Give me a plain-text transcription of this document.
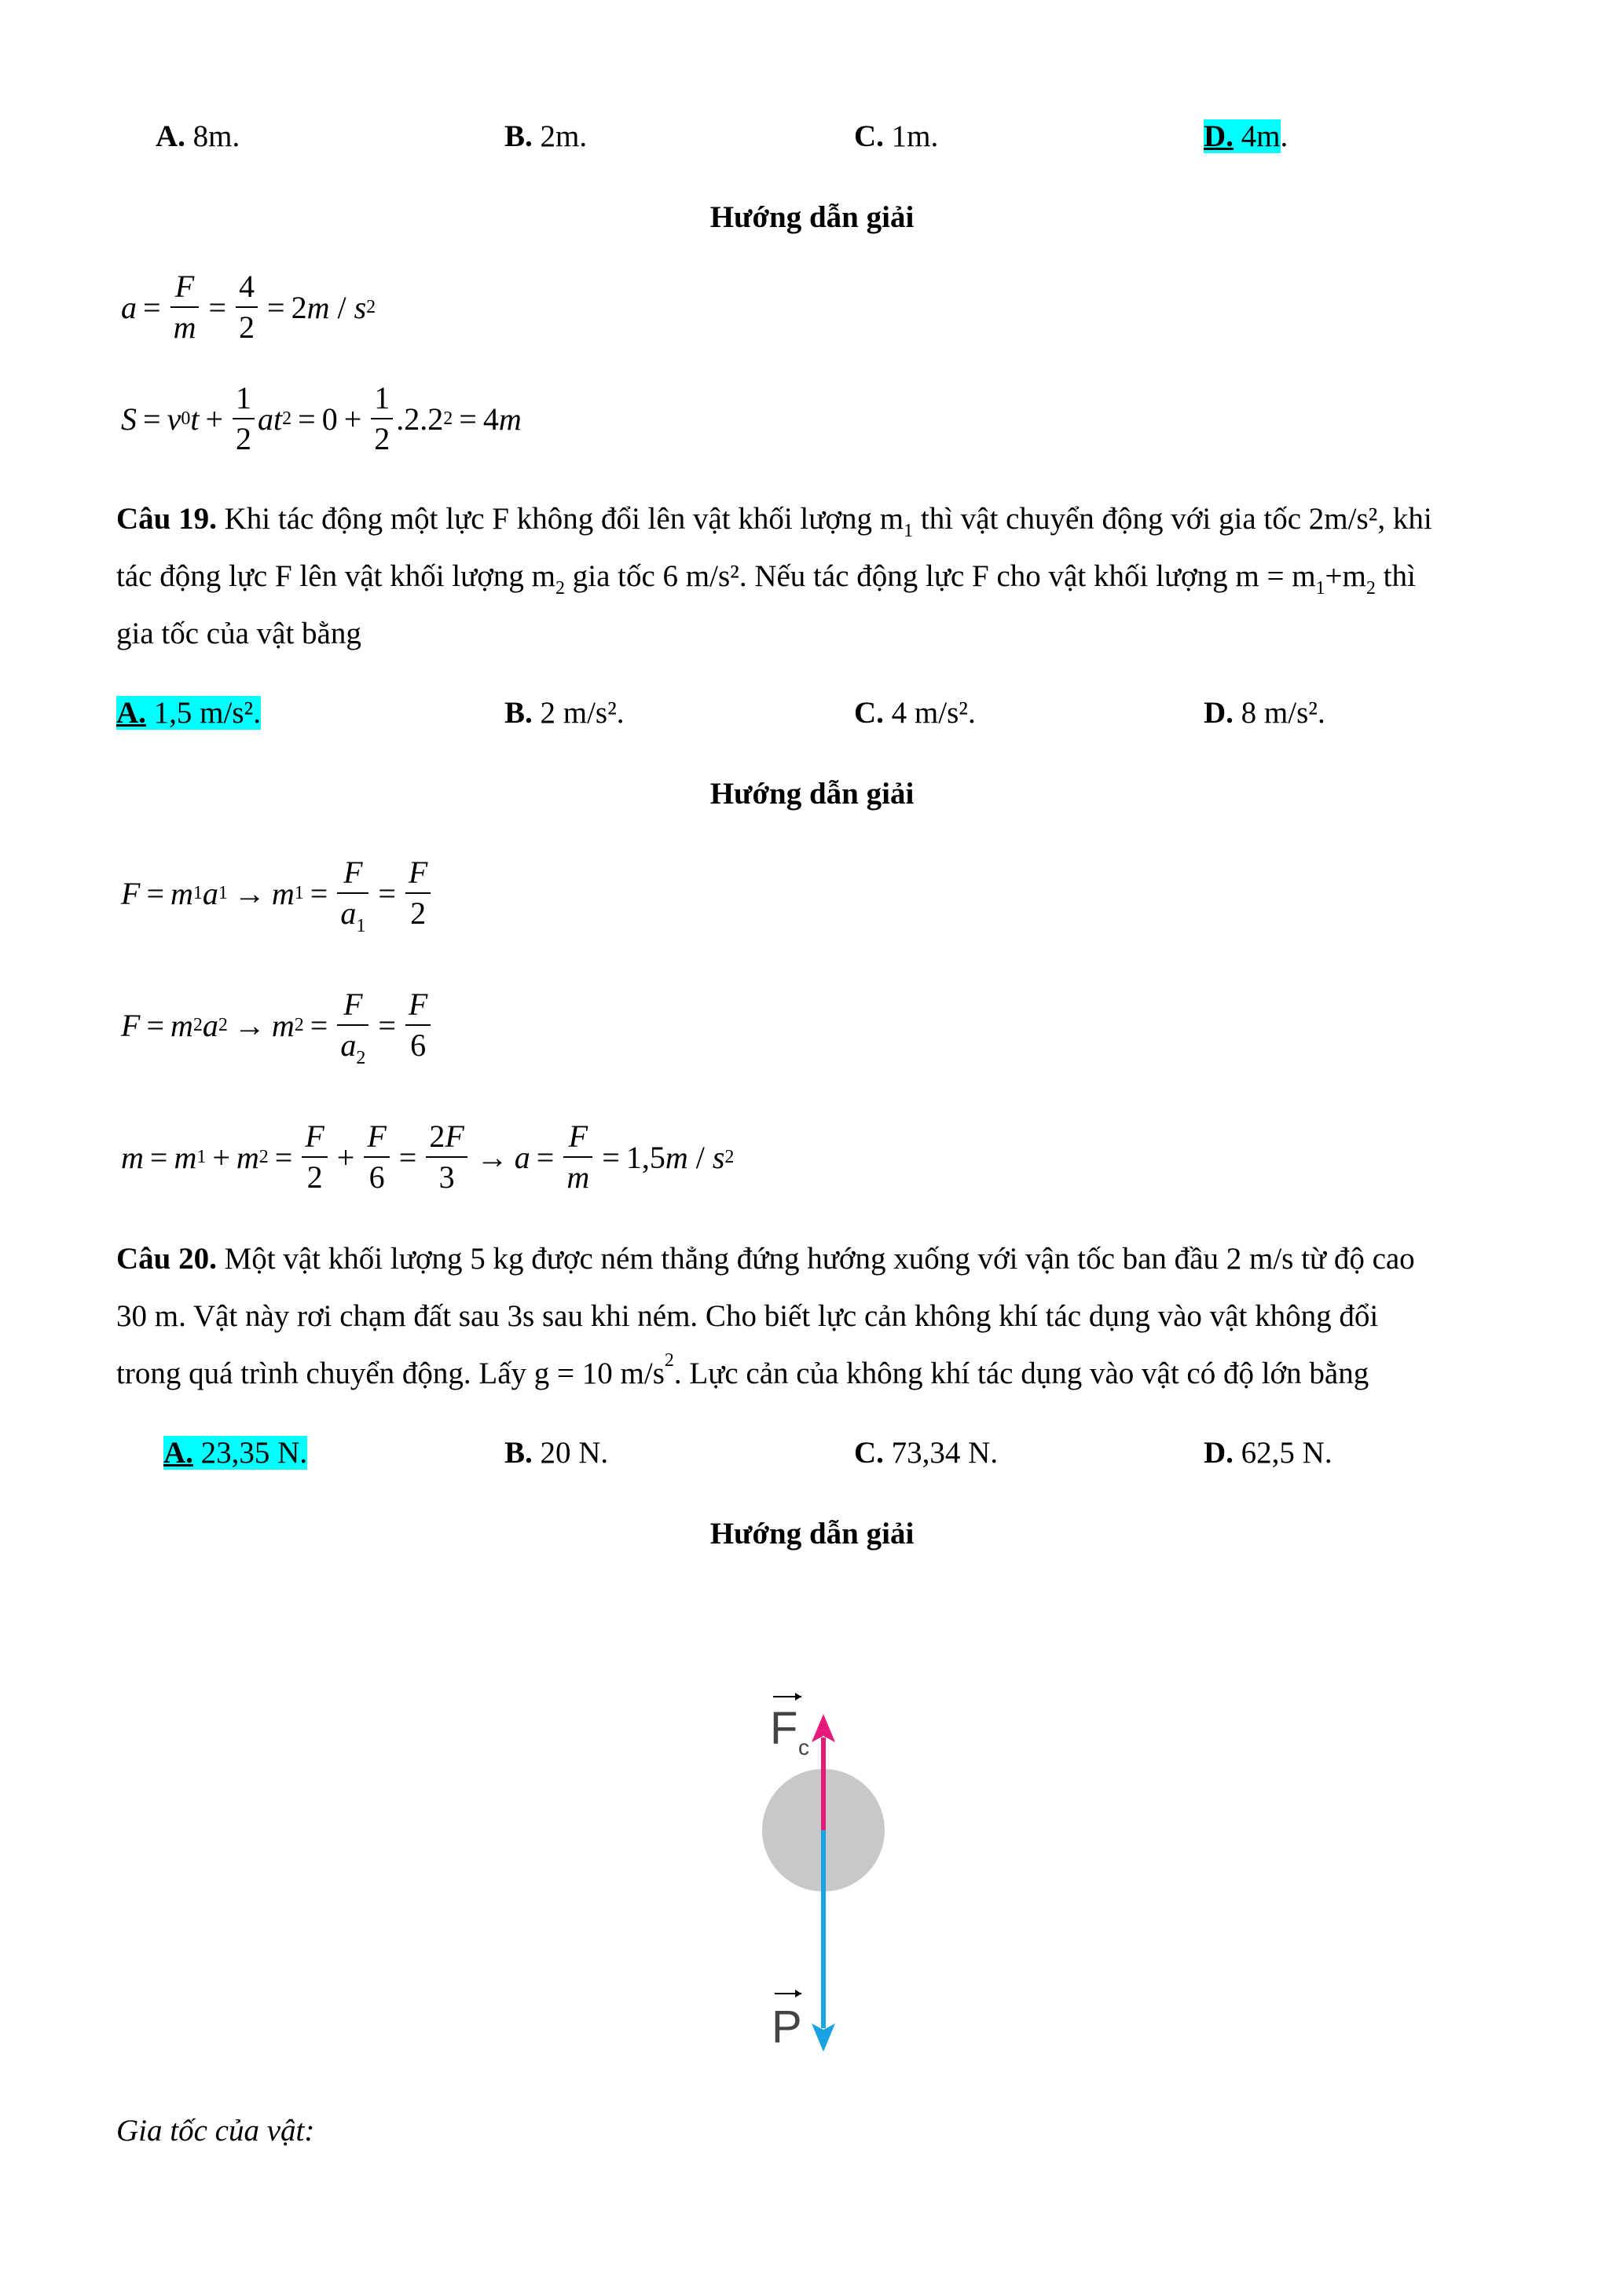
A. 8m.	B. 2m.	C. 1m.	D. 4m.
Hướng dẫn giải
$a = \frac{F}{m} = \frac{4}{2} = 2$ m / s 2
S = v 0 $t + \frac{1}{2}$ at $2 = 0 + \frac{1}{2} .2.2$ 2 = 4 m
Câu 19. Khi tác động một lực F không đổi lên vật khối lượng $m_1$ thì vật chuyển động với gia tốc 2m/s², khi
tác động lực F lên vật khối lượng $m_2$ gia tốc 6 m/s². Nếu tác động lực F cho vật khối lượng $m = m_1+m_2$ thì
gia tốc của vật bằng
A. 1,5 m/s².	B. 2 m/s².	C. 4 m/s².	D. 8 m/s².
Hướng dẫn giải
F = m 1 a 1 → m $1 = \frac{F}{a_1} = \frac{F}{2}$
F = m 2 a 2 → m $2 = \frac{F}{a_2} = \frac{F}{6}$
m = m 1 + m $2 = \frac{F}{2} + \frac{F}{6} = \frac{2F}{3} \to a = \frac{F}{m} = 1,5$ m / s 2
Câu 20. Một vật khối lượng 5 kg được ném thẳng đứng hướng xuống với vận tốc ban đầu 2 m/s từ độ cao
30 m. Vật này rơi chạm đất sau 3s sau khi ném. Cho biết lực cản không khí tác dụng vào vật không đổi
trong quá trình chuyển động. Lấy g = 10 $m/s^2$. Lực cản của không khí tác dụng vào vật có độ lớn bằng
A. 23,35 N.	B. 20 N.	C. 73,34 N.	D. 62,5 N.
Hướng dẫn giải
F c
P
Gia tốc của vật:
